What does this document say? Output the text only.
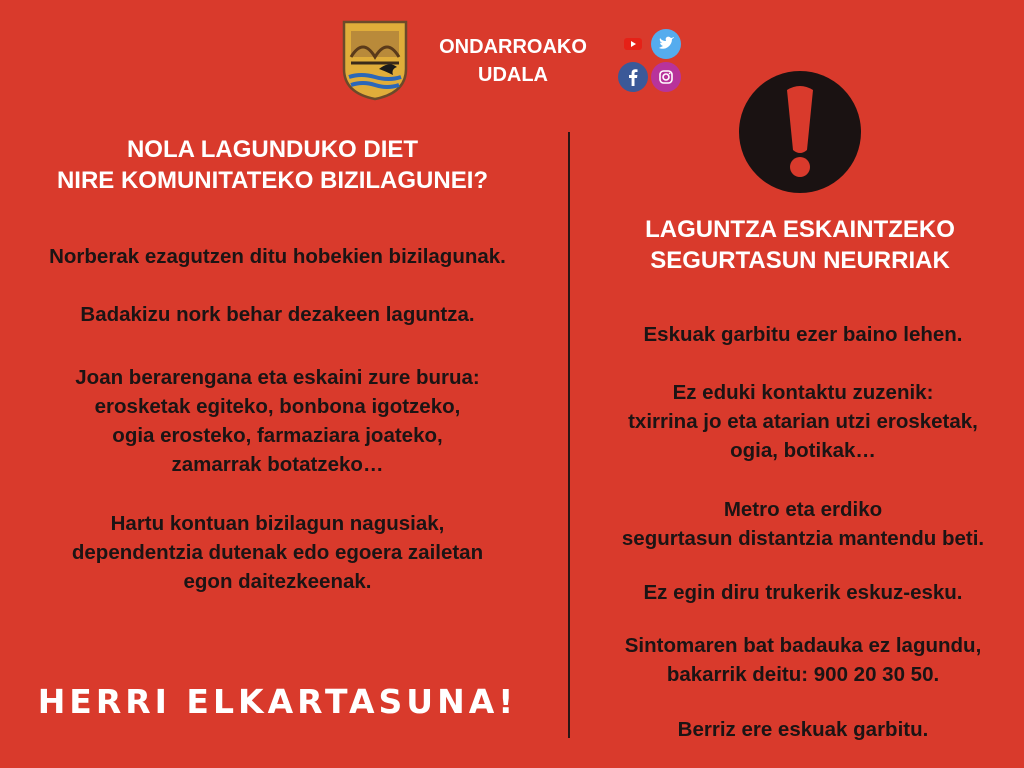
ONDARROAKO
UDALA
NOLA LAGUNDUKO DIET
NIRE KOMUNITATEKO BIZILAGUNEI?
LAGUNTZA ESKAINTZEKO
SEGURTASUN NEURRIAK
Norberak ezagutzen ditu hobekien bizilagunak.
Badakizu nork behar dezakeen laguntza.
Joan berarengana eta eskaini zure burua:
erosketak egiteko, bonbona igotzeko,
ogia erosteko, farmaziara joateko,
zamarrak botatzeko…
Hartu kontuan bizilagun nagusiak,
dependentzia dutenak edo egoera zailetan
egon daitezkeenak.
HERRI ELKARTASUNA!
Eskuak garbitu ezer baino lehen.
Ez eduki kontaktu zuzenik:
txirrina jo eta atarian utzi erosketak,
ogia, botikak…
Metro eta erdiko
segurtasun distantzia mantendu beti.
Ez egin diru trukerik eskuz-esku.
Sintomaren bat badauka ez lagundu,
bakarrik deitu: 900 20 30 50.
Berriz ere eskuak garbitu.
